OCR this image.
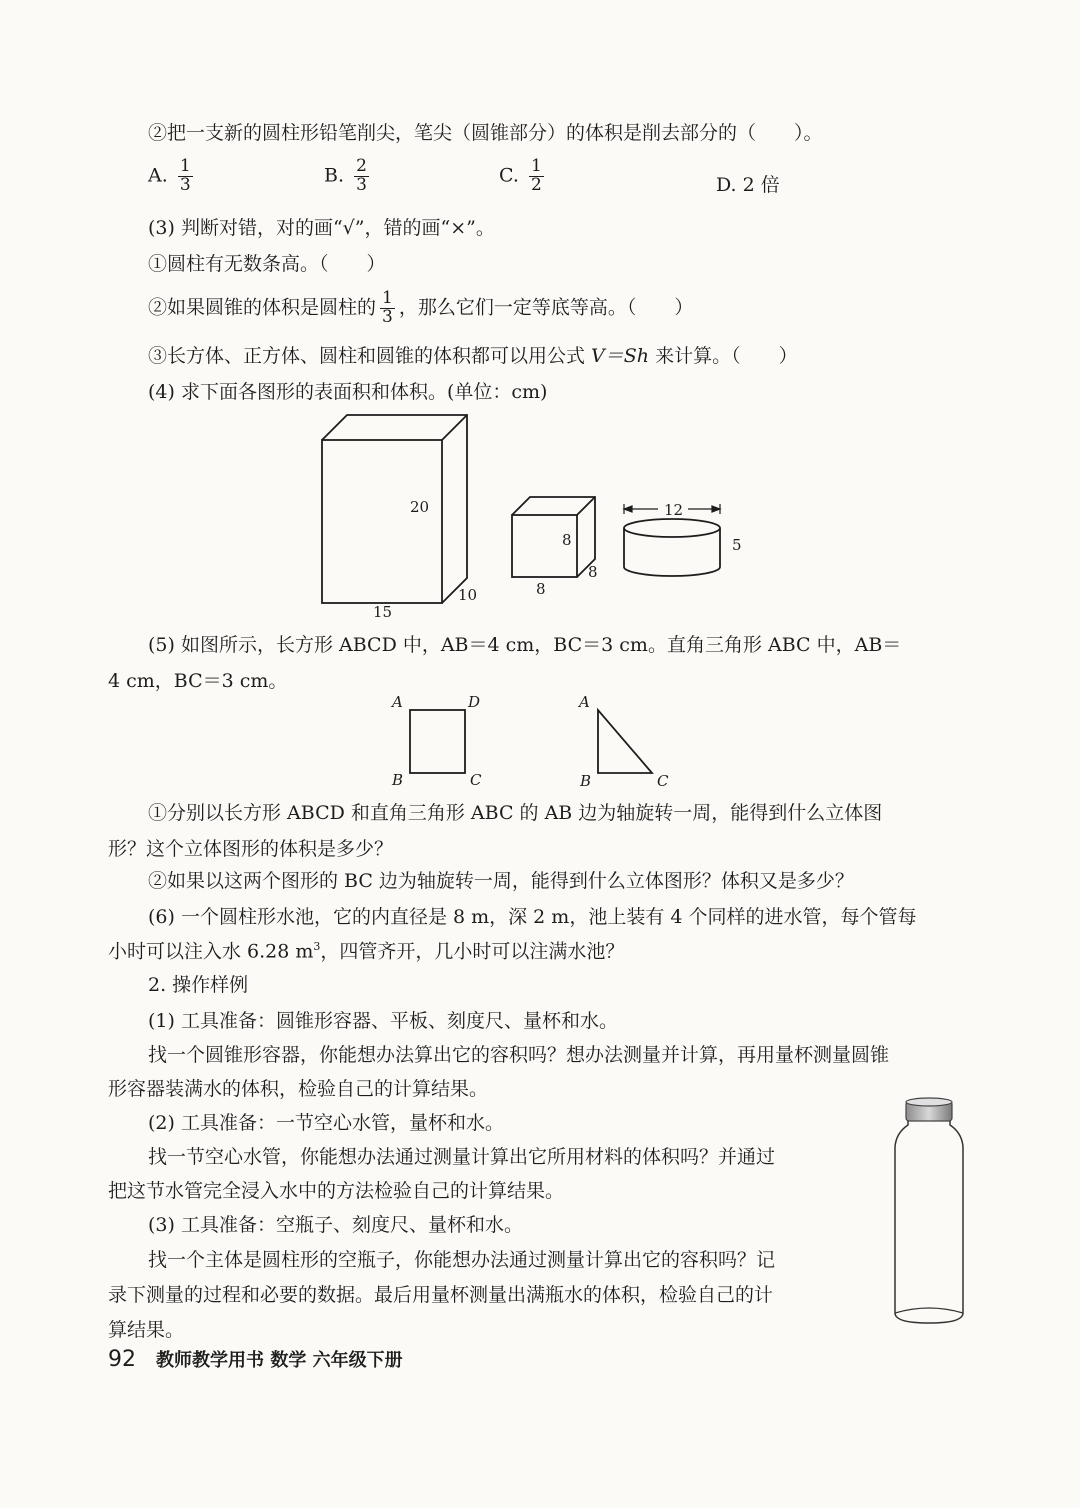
②把一支新的圆柱形铅笔削尖，笔尖（圆锥部分）的体积是削去部分的（　　）。
A. $\frac{1}{3}$	B. $\frac{2}{3}$	C. $\frac{1}{2}$	D. 2 倍
(3) 判断对错，对的画“√”，错的画“×”。
①圆柱有无数条高。（　　）
②如果圆锥的体积是圆柱的 $\frac{1}{3}$ ，那么它们一定等底等高。（　　）
③长方体、正方体、圆柱和圆锥的体积都可以用公式 V＝Sh 来计算。（　　）
(4) 求下面各图形的表面积和体积。(单位：cm)
20
15
10
8
8
8
12
5
(5) 如图所示，长方形 ABCD 中，AB＝4 cm，BC＝3 cm。直角三角形 ABC 中，AB＝
4 cm，BC＝3 cm。
A	D
B	C
A
B	C
①分别以长方形 ABCD 和直角三角形 ABC 的 AB 边为轴旋转一周，能得到什么立体图
形？这个立体图形的体积是多少？
②如果以这两个图形的 BC 边为轴旋转一周，能得到什么立体图形？体积又是多少？
(6) 一个圆柱形水池，它的内直径是 8 m，深 2 m，池上装有 4 个同样的进水管，每个管每
小时可以注入水 6.28 $m^3$，四管齐开，几小时可以注满水池？
2. 操作样例
(1) 工具准备：圆锥形容器、平板、刻度尺、量杯和水。
找一个圆锥形容器，你能想办法算出它的容积吗？想办法测量并计算，再用量杯测量圆锥
形容器装满水的体积，检验自己的计算结果。
(2) 工具准备：一节空心水管，量杯和水。
找一节空心水管，你能想办法通过测量计算出它所用材料的体积吗？并通过
把这节水管完全浸入水中的方法检验自己的计算结果。
(3) 工具准备：空瓶子、刻度尺、量杯和水。
找一个主体是圆柱形的空瓶子，你能想办法通过测量计算出它的容积吗？记
录下测量的过程和必要的数据。最后用量杯测量出满瓶水的体积，检验自己的计
算结果。
92 教师教学用书 数学 六年级下册
